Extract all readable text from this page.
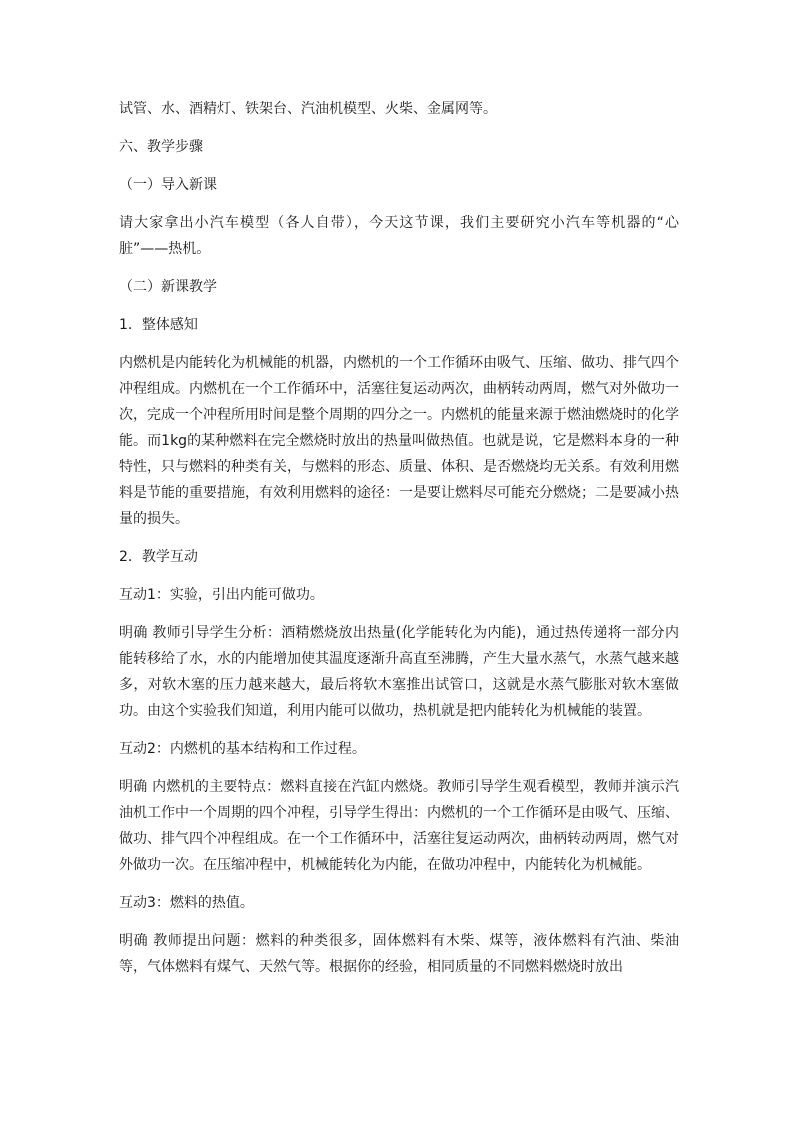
试管、水、酒精灯、铁架台、汽油机模型、火柴、金属网等。

六、教学步骤

（一）导入新课

请大家拿出小汽车模型（各人自带），今天这节课，我们主要研究小汽车等机器的“心脏”——热机。

（二）新课教学

1．整体感知

内燃机是内能转化为机械能的机器，内燃机的一个工作循环由吸气、压缩、做功、排气四个冲程组成。内燃机在一个工作循环中，活塞往复运动两次，曲柄转动两周，燃气对外做功一次，完成一个冲程所用时间是整个周期的四分之一。内燃机的能量来源于燃油燃烧时的化学能。而1kg的某种燃料在完全燃烧时放出的热量叫做热值。也就是说，它是燃料本身的一种特性，只与燃料的种类有关，与燃料的形态、质量、体积、是否燃烧均无关系。有效利用燃料是节能的重要措施，有效利用燃料的途径：一是要让燃料尽可能充分燃烧；二是要减小热量的损失。

2．教学互动

互动1：实验，引出内能可做功。

明确 教师引导学生分析：酒精燃烧放出热量(化学能转化为内能)，通过热传递将一部分内能转移给了水，水的内能增加使其温度逐渐升高直至沸腾，产生大量水蒸气，水蒸气越来越多，对软木塞的压力越来越大，最后将软木塞推出试管口，这就是水蒸气膨胀对软木塞做功。由这个实验我们知道，利用内能可以做功，热机就是把内能转化为机械能的装置。

互动2：内燃机的基本结构和工作过程。

明确 内燃机的主要特点：燃料直接在汽缸内燃烧。教师引导学生观看模型，教师并演示汽油机工作中一个周期的四个冲程，引导学生得出：内燃机的一个工作循环是由吸气、压缩、做功、排气四个冲程组成。在一个工作循环中，活塞往复运动两次，曲柄转动两周，燃气对外做功一次。在压缩冲程中，机械能转化为内能，在做功冲程中，内能转化为机械能。

互动3：燃料的热值。

明确 教师提出问题：燃料的种类很多，固体燃料有木柴、煤等，液体燃料有汽油、柴油等，气体燃料有煤气、天然气等。根据你的经验，相同质量的不同燃料燃烧时放出
